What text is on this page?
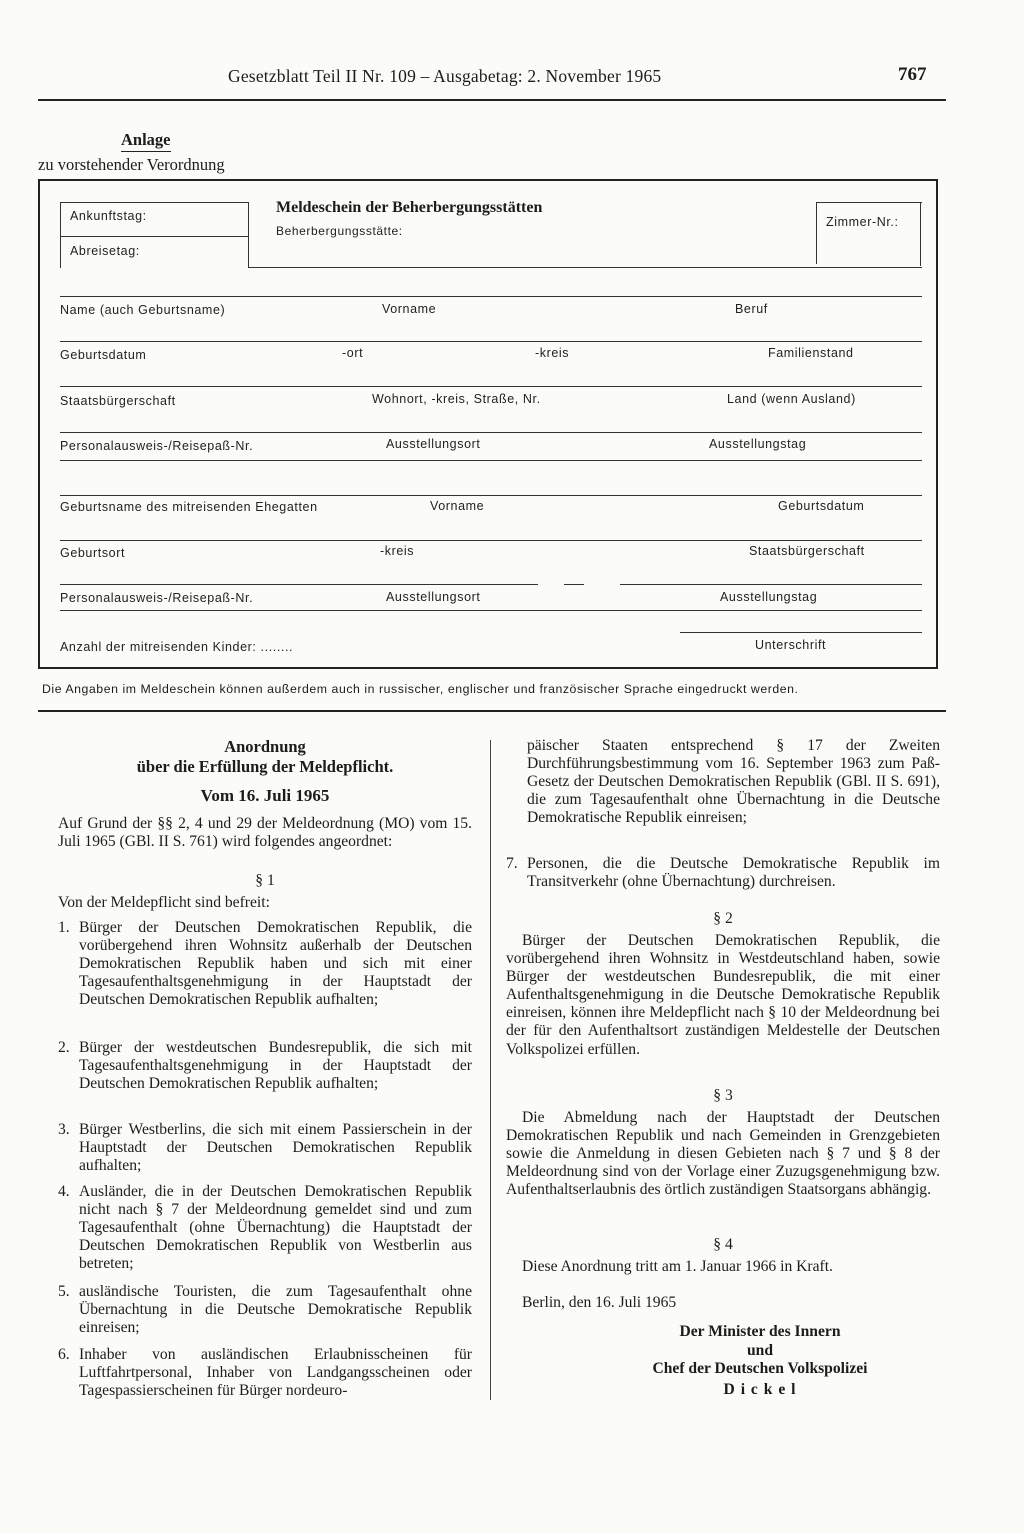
Gesetzblatt Teil II Nr. 109 – Ausgabetag: 2. November 1965	767
Anlage
zu vorstehender Verordnung
Ankunftstag:
Abreisetag:
Meldeschein der Beherbergungsstätten
Beherbergungsstätte:
Zimmer-Nr.:
Name (auch Geburtsname)	Vorname	Beruf
Geburtsdatum	-ort	-kreis	Familienstand
Staatsbürgerschaft	Wohnort, -kreis, Straße, Nr.	Land (wenn Ausland)
Personalausweis-/Reisepaß-Nr.	Ausstellungsort	Ausstellungstag
Geburtsname des mitreisenden Ehegatten	Vorname	Geburtsdatum
Geburtsort	-kreis	Staatsbürgerschaft
Personalausweis-/Reisepaß-Nr.	Ausstellungsort	Ausstellungstag
Anzahl der mitreisenden Kinder: ........	Unterschrift
Die Angaben im Meldeschein können außerdem auch in russischer, englischer und französischer Sprache eingedruckt werden.
Anordnung
über die Erfüllung der Meldepflicht.
Vom 16. Juli 1965
Auf Grund der §§ 2, 4 und 29 der Meldeordnung (MO) vom 15. Juli 1965 (GBl. II S. 761) wird folgendes angeordnet:
§ 1
Von der Meldepflicht sind befreit:
1. Bürger der Deutschen Demokratischen Republik, die vorübergehend ihren Wohnsitz außerhalb der Deutschen Demokratischen Republik haben und sich mit einer Tagesaufenthaltsgenehmigung in der Hauptstadt der Deutschen Demokratischen Republik aufhalten;
2. Bürger der westdeutschen Bundesrepublik, die sich mit Tagesaufenthaltsgenehmigung in der Hauptstadt der Deutschen Demokratischen Republik aufhalten;
3. Bürger Westberlins, die sich mit einem Passierschein in der Hauptstadt der Deutschen Demokratischen Republik aufhalten;
4. Ausländer, die in der Deutschen Demokratischen Republik nicht nach § 7 der Meldeordnung gemeldet sind und zum Tagesaufenthalt (ohne Übernachtung) die Hauptstadt der Deutschen Demokratischen Republik von Westberlin aus betreten;
5. ausländische Touristen, die zum Tagesaufenthalt ohne Übernachtung in die Deutsche Demokratische Republik einreisen;
6. Inhaber von ausländischen Erlaubnisscheinen für Luftfahrtpersonal, Inhaber von Landgangsscheinen oder Tagespassierscheinen für Bürger nordeuro-
päischer Staaten entsprechend § 17 der Zweiten Durchführungsbestimmung vom 16. September 1963 zum Paß-Gesetz der Deutschen Demokratischen Republik (GBl. II S. 691), die zum Tagesaufenthalt ohne Übernachtung in die Deutsche Demokratische Republik einreisen;
7. Personen, die die Deutsche Demokratische Republik im Transitverkehr (ohne Übernachtung) durchreisen.
§ 2
Bürger der Deutschen Demokratischen Republik, die vorübergehend ihren Wohnsitz in Westdeutschland haben, sowie Bürger der westdeutschen Bundesrepublik, die mit einer Aufenthaltsgenehmigung in die Deutsche Demokratische Republik einreisen, können ihre Meldepflicht nach § 10 der Meldeordnung bei der für den Aufenthaltsort zuständigen Meldestelle der Deutschen Volkspolizei erfüllen.
§ 3
Die Abmeldung nach der Hauptstadt der Deutschen Demokratischen Republik und nach Gemeinden in Grenzgebieten sowie die Anmeldung in diesen Gebieten nach § 7 und § 8 der Meldeordnung sind von der Vorlage einer Zuzugsgenehmigung bzw. Aufenthaltserlaubnis des örtlich zuständigen Staatsorgans abhängig.
§ 4
Diese Anordnung tritt am 1. Januar 1966 in Kraft.
Berlin, den 16. Juli 1965
Der Minister des Innern
und
Chef der Deutschen Volkspolizei
D i c k e l
